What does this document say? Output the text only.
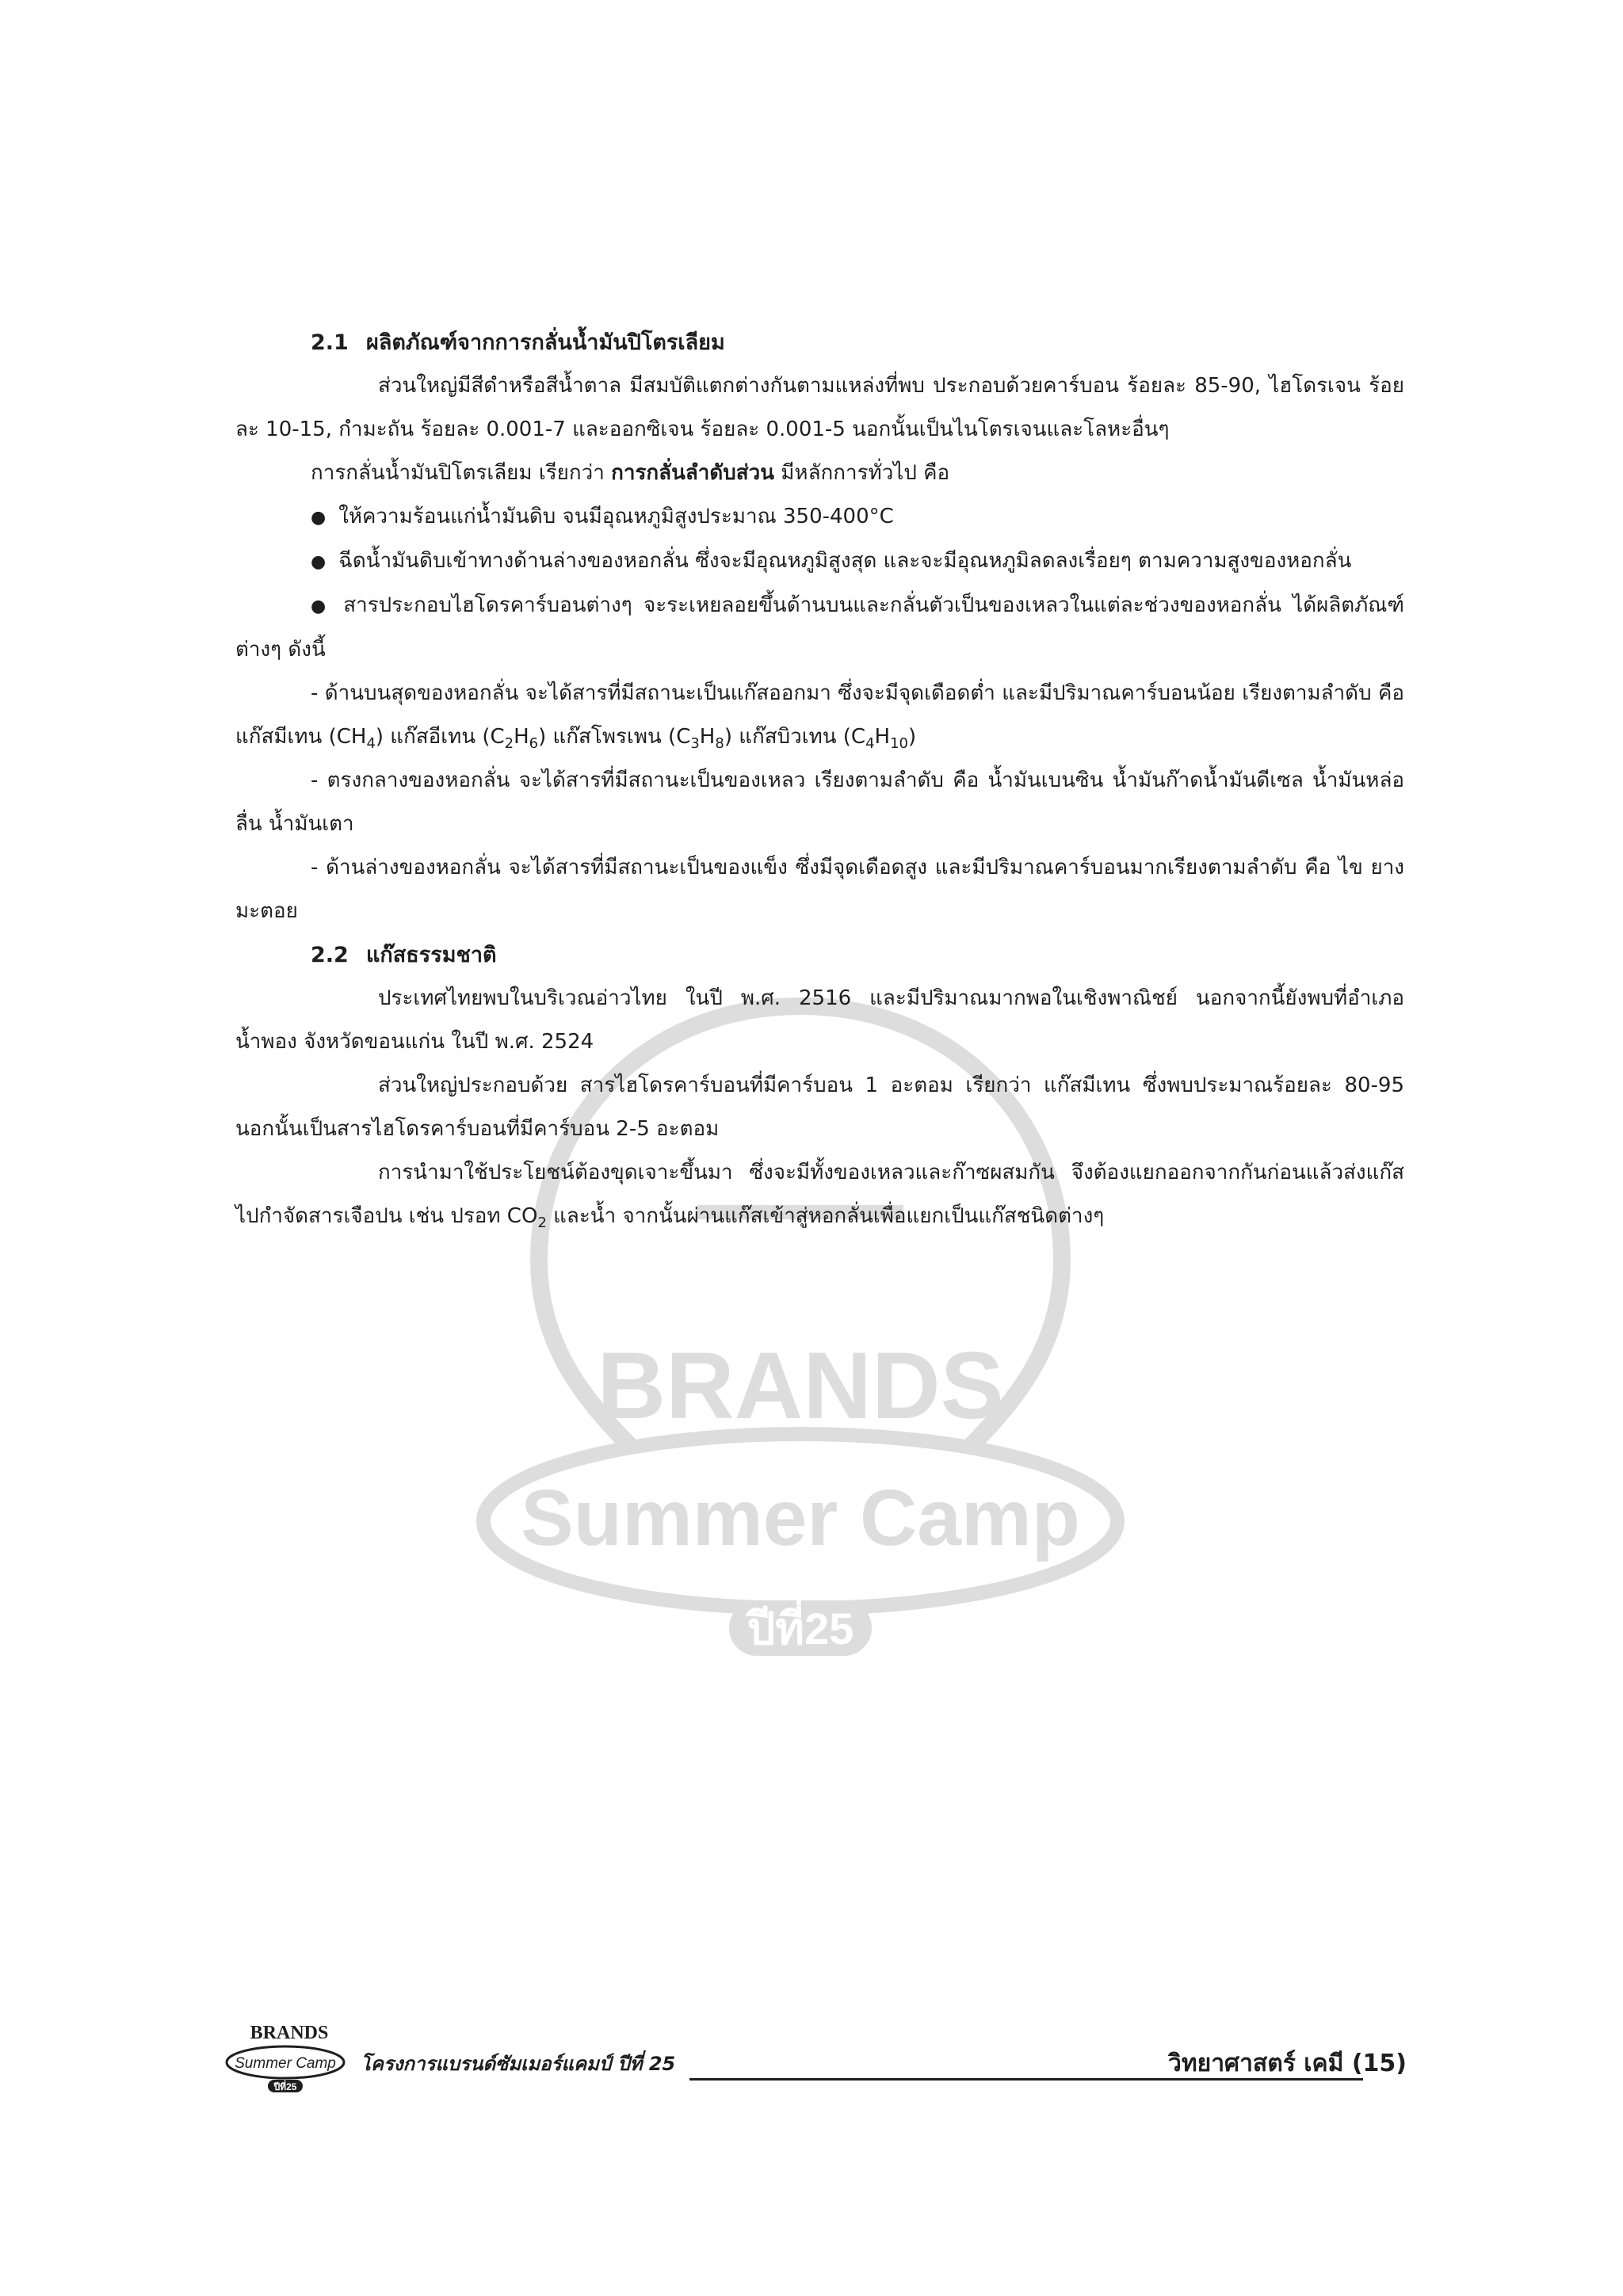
BRANDS
Summer Camp
ปีที่25
2.1 ผลิตภัณฑ์จากการกลั่นน้ำมันปิโตรเลียม

ส่วนใหญ่มีสีดำหรือสีน้ำตาล มีสมบัติแตกต่างกันตามแหล่งที่พบ ประกอบด้วยคาร์บอน ร้อยละ 85-90, ไฮโดรเจน ร้อยละ 10-15, กำมะถัน ร้อยละ 0.001-7 และออกซิเจน ร้อยละ 0.001-5 นอกนั้นเป็นไนโตรเจนและโลหะอื่นๆ

การกลั่นน้ำมันปิโตรเลียม เรียกว่า การกลั่นลำดับส่วน มีหลักการทั่วไป คือ

● ให้ความร้อนแก่น้ำมันดิบ จนมีอุณหภูมิสูงประมาณ 350-400°C

● ฉีดน้ำมันดิบเข้าทางด้านล่างของหอกลั่น ซึ่งจะมีอุณหภูมิสูงสุด และจะมีอุณหภูมิลดลงเรื่อยๆ ตามความสูงของหอกลั่น

● สารประกอบไฮโดรคาร์บอนต่างๆ จะระเหยลอยขึ้นด้านบนและกลั่นตัวเป็นของเหลวในแต่ละช่วงของหอกลั่น ได้ผลิตภัณฑ์ต่างๆ ดังนี้

- ด้านบนสุดของหอกลั่น จะได้สารที่มีสถานะเป็นแก๊สออกมา ซึ่งจะมีจุดเดือดต่ำ และมีปริมาณคาร์บอนน้อย เรียงตามลำดับ คือ แก๊สมีเทน $(CH_4)$ แก๊สอีเทน $(C_2H_6)$ แก๊สโพรเพน $(C_3H_8)$ แก๊สบิวเทน $(C_4H_{10})$

- ตรงกลางของหอกลั่น จะได้สารที่มีสถานะเป็นของเหลว เรียงตามลำดับ คือ น้ำมันเบนซิน น้ำมันก๊าดน้ำมันดีเซล น้ำมันหล่อลื่น น้ำมันเตา

- ด้านล่างของหอกลั่น จะได้สารที่มีสถานะเป็นของแข็ง ซึ่งมีจุดเดือดสูง และมีปริมาณคาร์บอนมากเรียงตามลำดับ คือ ไข ยางมะตอย

2.2 แก๊สธรรมชาติ

ประเทศไทยพบในบริเวณอ่าวไทย ในปี พ.ศ. 2516 และมีปริมาณมากพอในเชิงพาณิชย์ นอกจากนี้ยังพบที่อำเภอน้ำพอง จังหวัดขอนแก่น ในปี พ.ศ. 2524

ส่วนใหญ่ประกอบด้วย สารไฮโดรคาร์บอนที่มีคาร์บอน 1 อะตอม เรียกว่า แก๊สมีเทน ซึ่งพบประมาณร้อยละ 80-95 นอกนั้นเป็นสารไฮโดรคาร์บอนที่มีคาร์บอน 2-5 อะตอม

การนำมาใช้ประโยชน์ต้องขุดเจาะขึ้นมา ซึ่งจะมีทั้งของเหลวและก๊าซผสมกัน จึงต้องแยกออกจากกันก่อนแล้วส่งแก๊สไปกำจัดสารเจือปน เช่น ปรอท $CO_2$ และน้ำ จากนั้นผ่านแก๊สเข้าสู่หอกลั่นเพื่อแยกเป็นแก๊สชนิดต่างๆ

BRANDS
Summer Camp
ปีที่25
โครงการแบรนด์ซัมเมอร์แคมป์ ปีที่ 25	วิทยาศาสตร์ เคมี (15)
